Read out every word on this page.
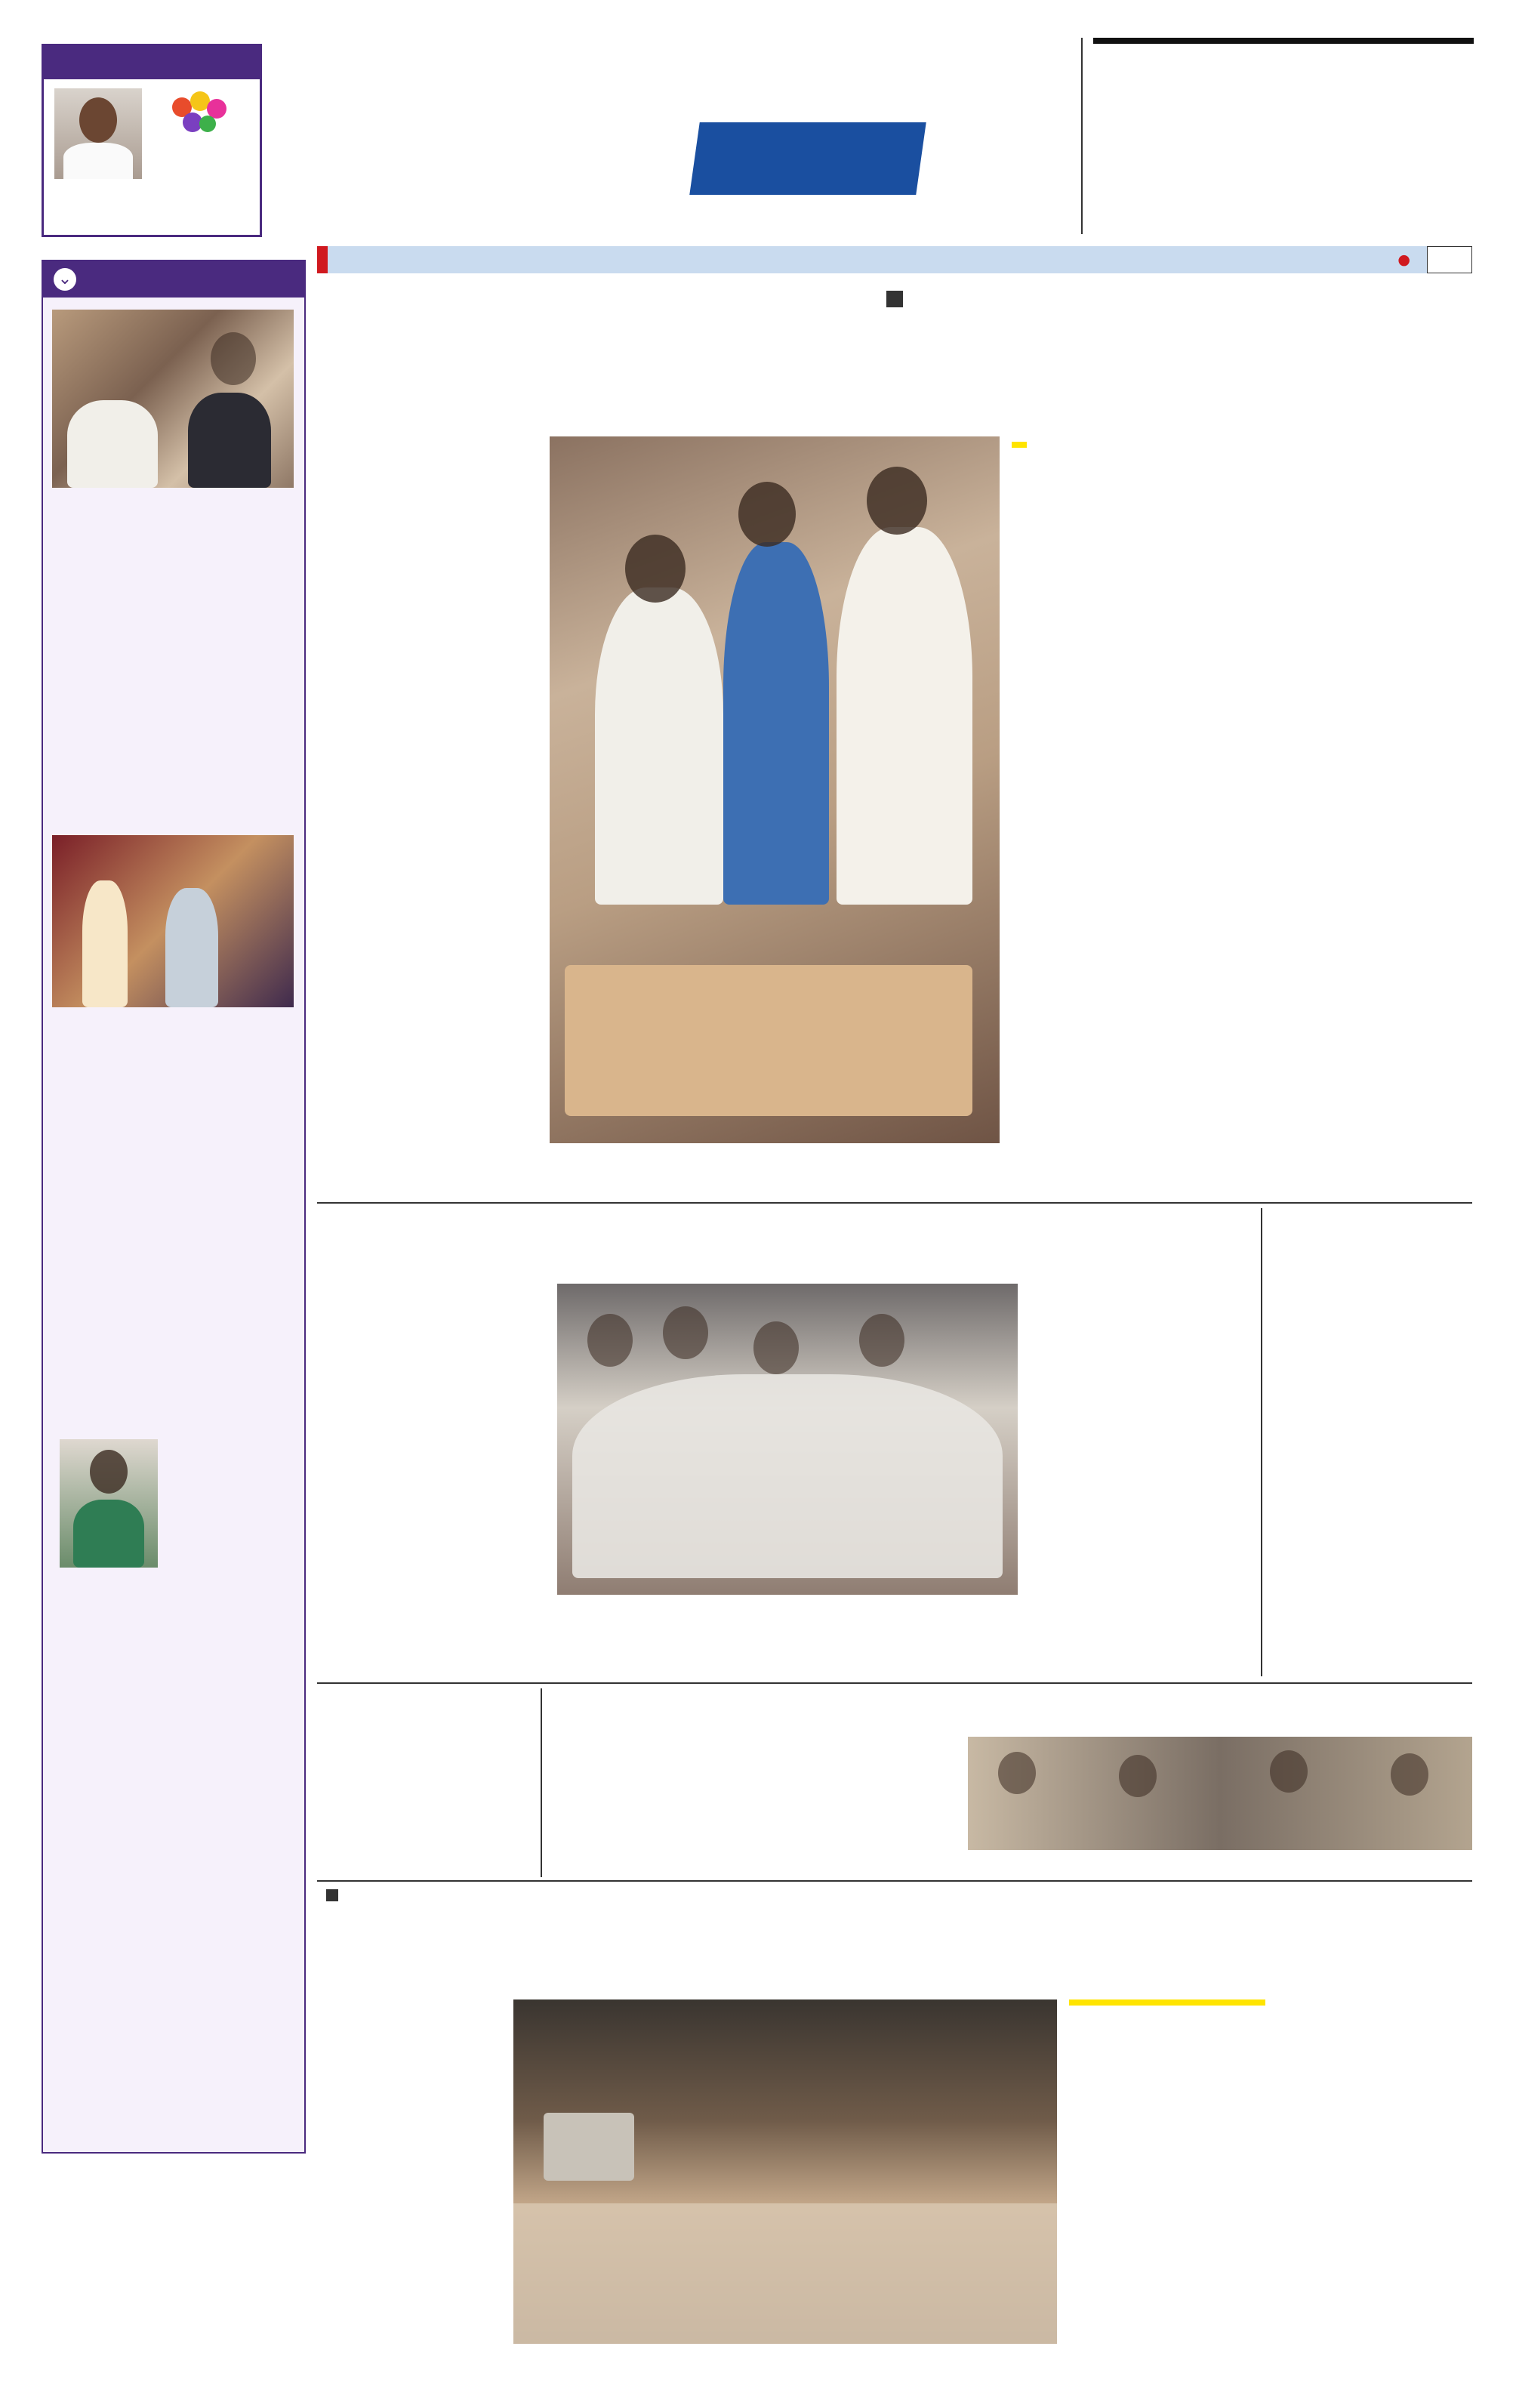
⌄
●
